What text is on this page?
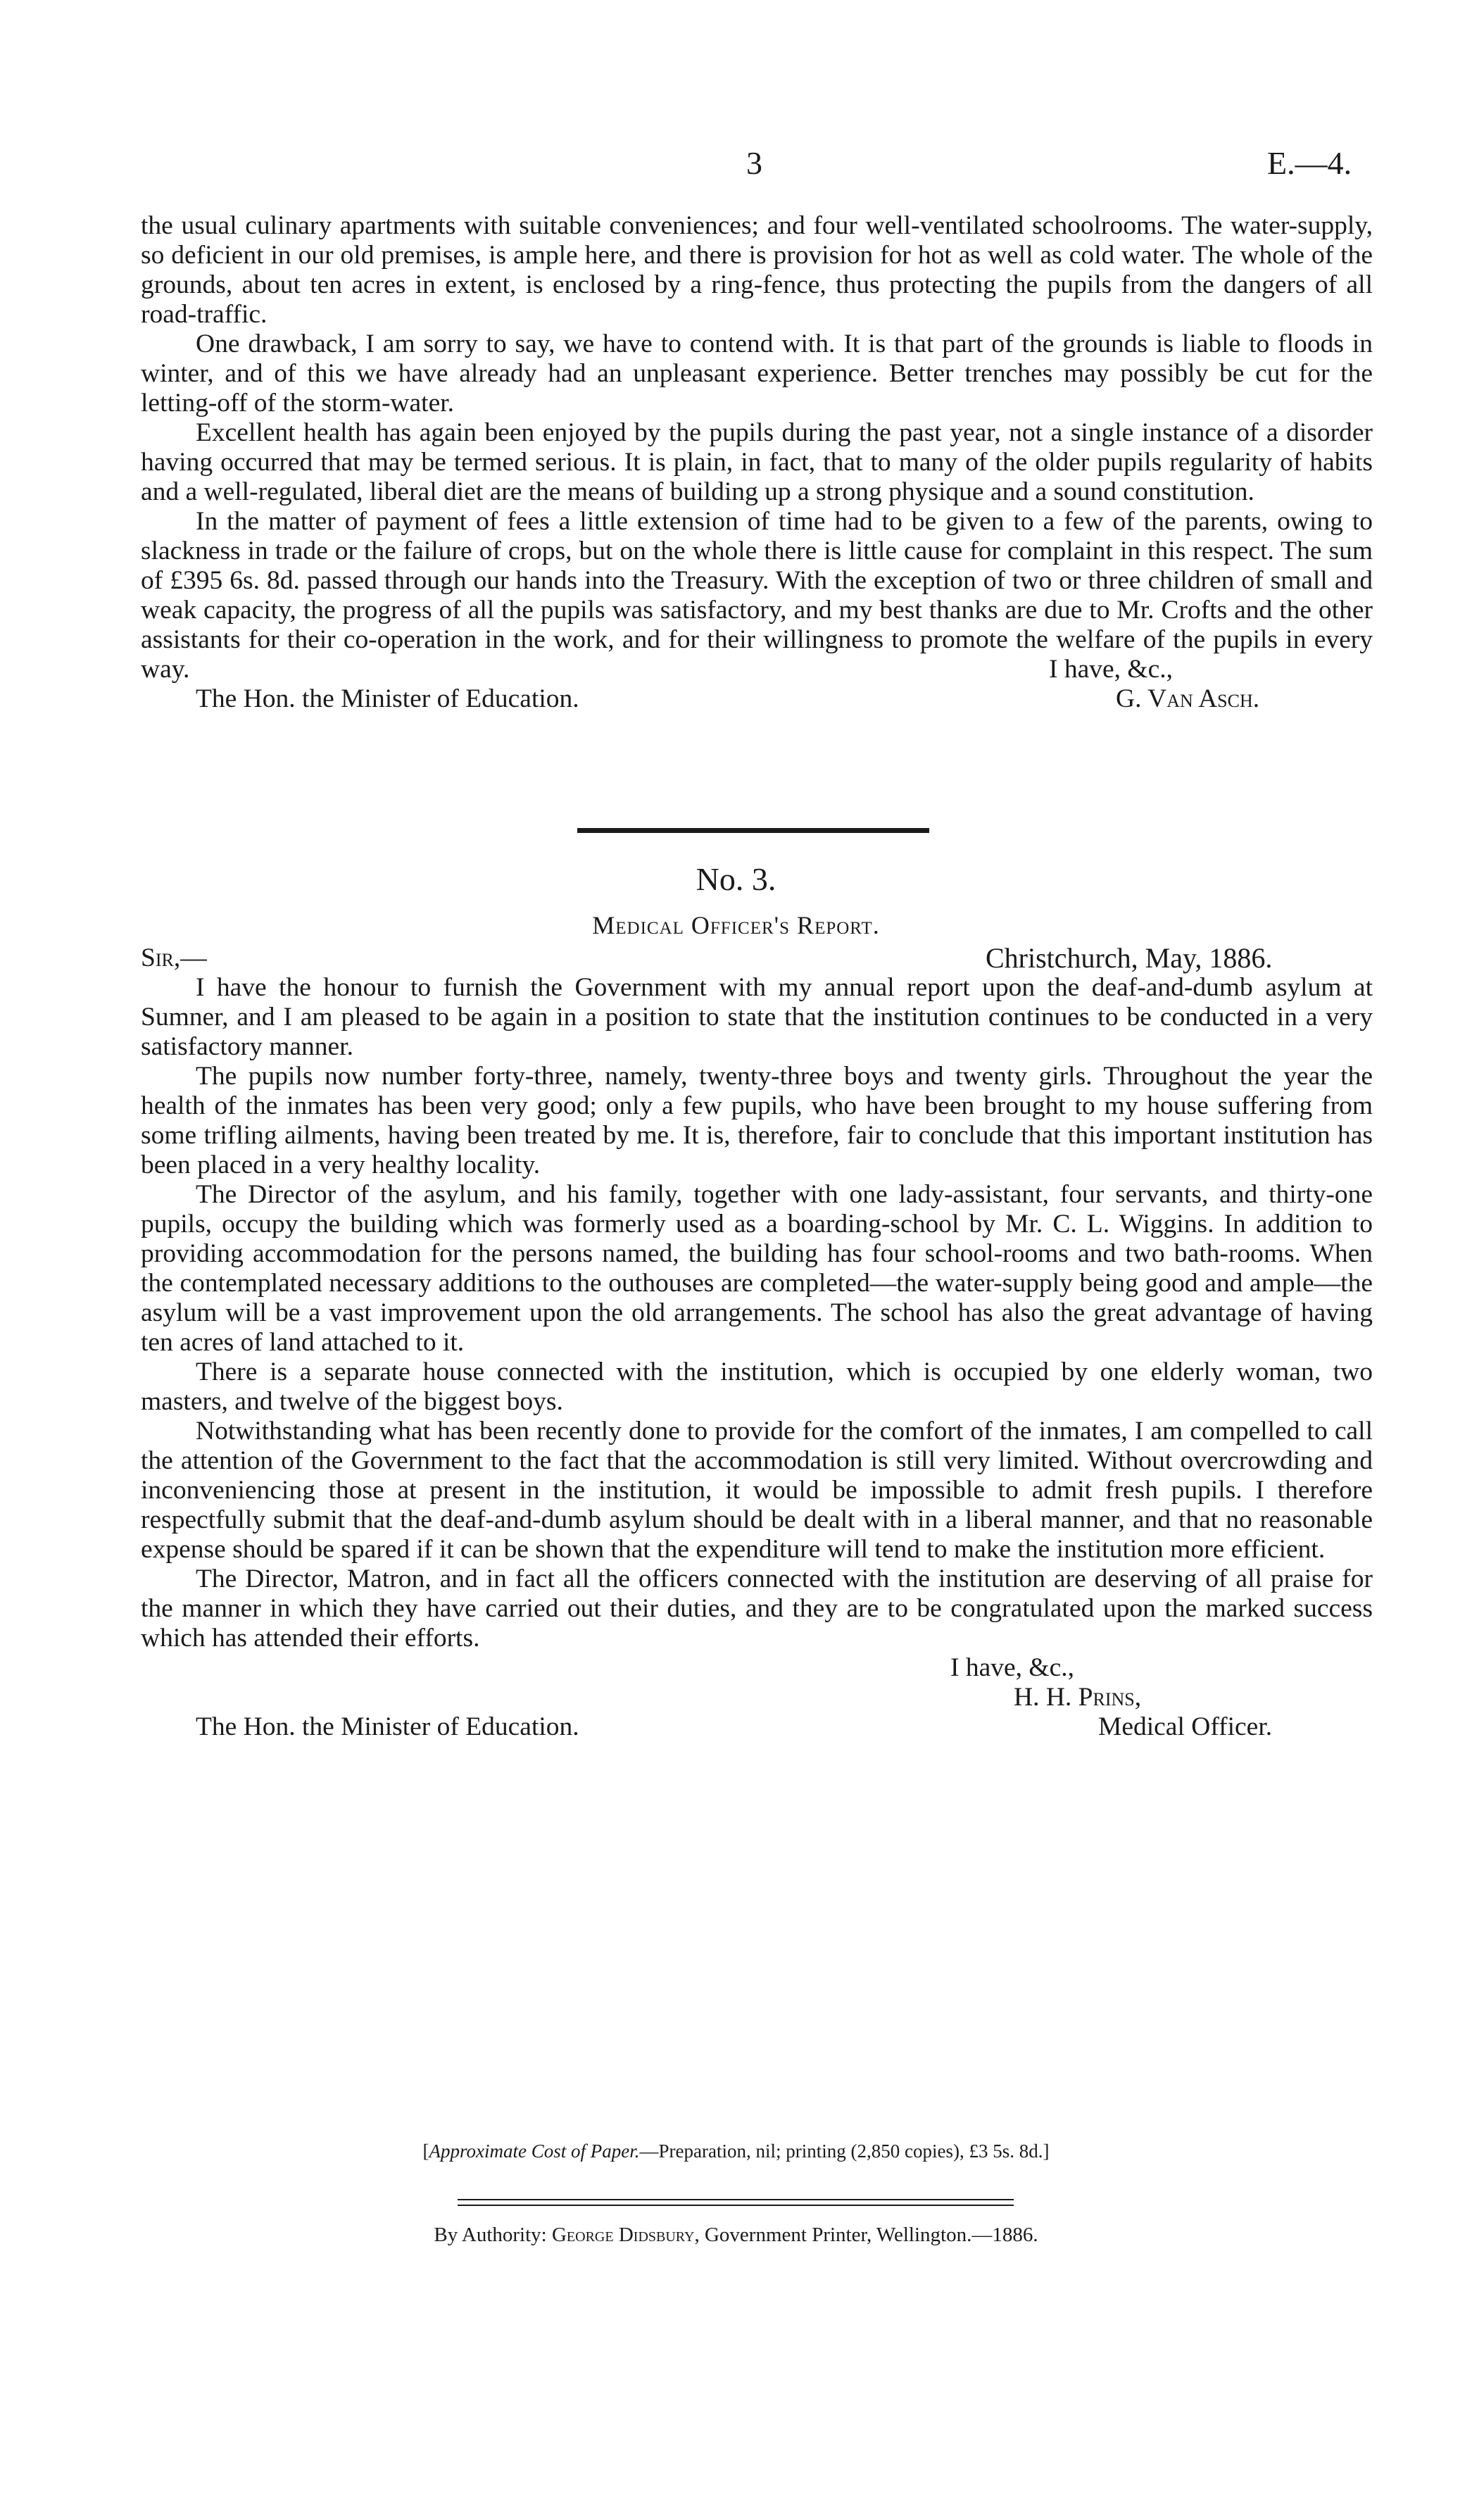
3	E.—4.

the usual culinary apartments with suitable conveniences; and four well-ventilated schoolrooms. The water-supply, so deficient in our old premises, is ample here, and there is provision for hot as well as cold water. The whole of the grounds, about ten acres in extent, is enclosed by a ring-fence, thus protecting the pupils from the dangers of all road-traffic.

One drawback, I am sorry to say, we have to contend with. It is that part of the grounds is liable to floods in winter, and of this we have already had an unpleasant experience. Better trenches may possibly be cut for the letting-off of the storm-water.

Excellent health has again been enjoyed by the pupils during the past year, not a single instance of a disorder having occurred that may be termed serious. It is plain, in fact, that to many of the older pupils regularity of habits and a well-regulated, liberal diet are the means of building up a strong physique and a sound constitution.

In the matter of payment of fees a little extension of time had to be given to a few of the parents, owing to slackness in trade or the failure of crops, but on the whole there is little cause for complaint in this respect. The sum of £395 6s. 8d. passed through our hands into the Treasury. With the exception of two or three children of small and weak capacity, the progress of all the pupils was satisfactory, and my best thanks are due to Mr. Crofts and the other assistants for their co-operation in the work, and for their willingness to promote the welfare of the pupils in every way.	I have, &c.,
The Hon. the Minister of Education.	G. Van Asch.
No. 3.
Medical Officer's Report.
Sir,—	Christchurch, May, 1886.

I have the honour to furnish the Government with my annual report upon the deaf-and-dumb asylum at Sumner, and I am pleased to be again in a position to state that the institution continues to be conducted in a very satisfactory manner.

The pupils now number forty-three, namely, twenty-three boys and twenty girls. Throughout the year the health of the inmates has been very good; only a few pupils, who have been brought to my house suffering from some trifling ailments, having been treated by me. It is, therefore, fair to conclude that this important institution has been placed in a very healthy locality.

The Director of the asylum, and his family, together with one lady-assistant, four servants, and thirty-one pupils, occupy the building which was formerly used as a boarding-school by Mr. C. L. Wiggins. In addition to providing accommodation for the persons named, the building has four school-rooms and two bath-rooms. When the contemplated necessary additions to the outhouses are completed—the water-supply being good and ample—the asylum will be a vast improvement upon the old arrangements. The school has also the great advantage of having ten acres of land attached to it.

There is a separate house connected with the institution, which is occupied by one elderly woman, two masters, and twelve of the biggest boys.

Notwithstanding what has been recently done to provide for the comfort of the inmates, I am compelled to call the attention of the Government to the fact that the accommodation is still very limited. Without overcrowding and inconveniencing those at present in the institution, it would be impossible to admit fresh pupils. I therefore respectfully submit that the deaf-and-dumb asylum should be dealt with in a liberal manner, and that no reasonable expense should be spared if it can be shown that the expenditure will tend to make the institution more efficient.

The Director, Matron, and in fact all the officers connected with the institution are deserving of all praise for the manner in which they have carried out their duties, and they are to be congratulated upon the marked success which has attended their efforts.

I have, &c.,
H. H. Prins,
The Hon. the Minister of Education.	Medical Officer.
[Approximate Cost of Paper.—Preparation, nil; printing (2,850 copies), £3 5s. 8d.]
By Authority: George Didsbury, Government Printer, Wellington.—1886.
